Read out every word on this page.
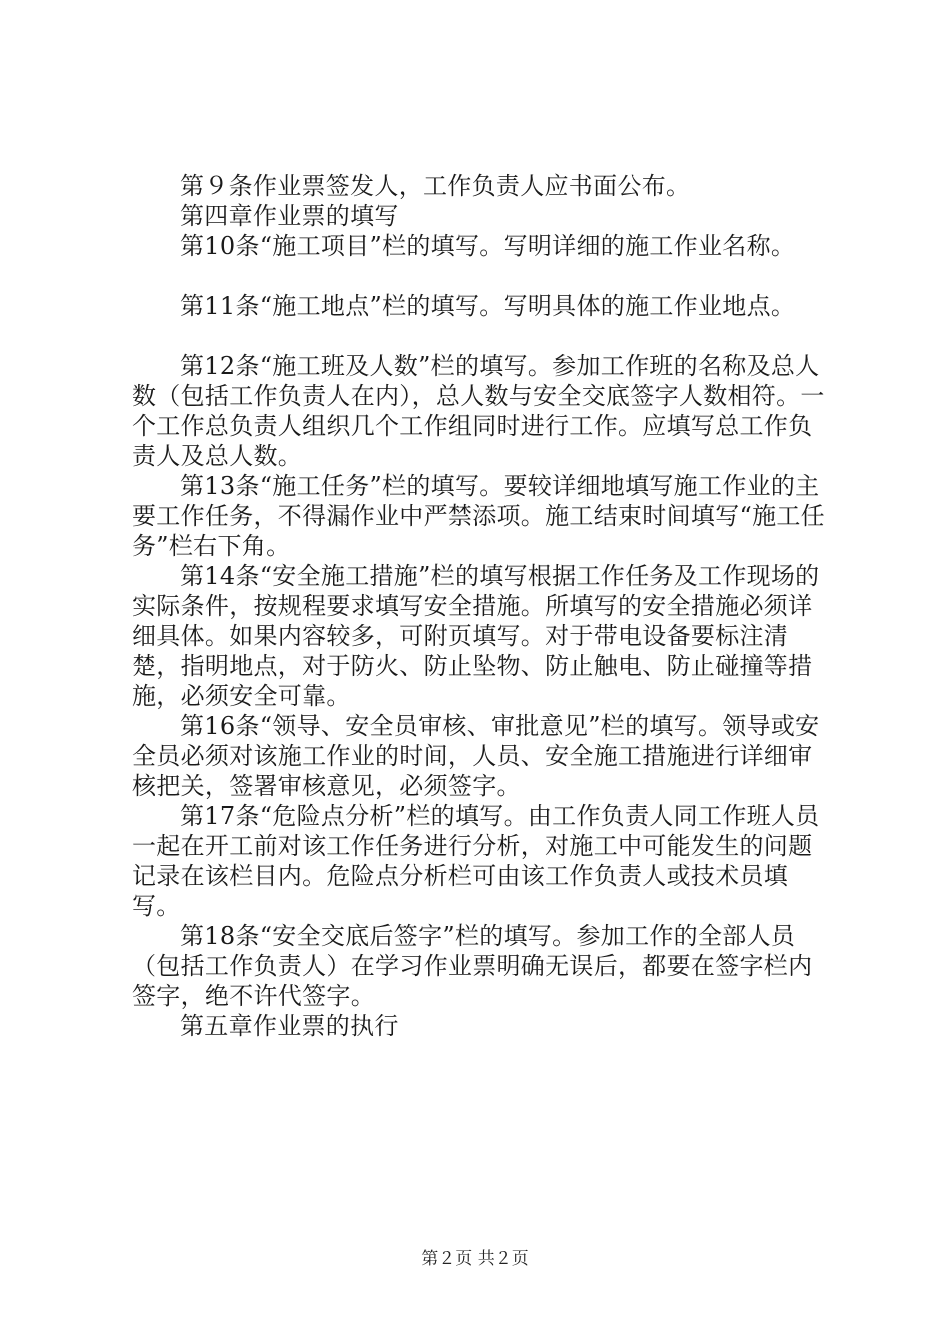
第９条作业票签发人，工作负责人应书面公布。

第四章作业票的填写

第10条“施工项目”栏的填写。写明详细的施工作业名称。

第11条“施工地点”栏的填写。写明具体的施工作业地点。

第12条“施工班及人数”栏的填写。参加工作班的名称及总人数（包括工作负责人在内），总人数与安全交底签字人数相符。一个工作总负责人组织几个工作组同时进行工作。应填写总工作负责人及总人数。

第13条“施工任务”栏的填写。要较详细地填写施工作业的主要工作任务，不得漏作业中严禁添项。施工结束时间填写“施工任务”栏右下角。

第14条“安全施工措施”栏的填写根据工作任务及工作现场的实际条件，按规程要求填写安全措施。所填写的安全措施必须详细具体。如果内容较多，可附页填写。对于带电设备要标注清楚，指明地点，对于防火、防止坠物、防止触电、防止碰撞等措施，必须安全可靠。

第16条“领导、安全员审核、审批意见”栏的填写。领导或安全员必须对该施工作业的时间，人员、安全施工措施进行详细审核把关，签署审核意见，必须签字。

第17条“危险点分析”栏的填写。由工作负责人同工作班人员一起在开工前对该工作任务进行分析，对施工中可能发生的问题记录在该栏目内。危险点分析栏可由该工作负责人或技术员填写。

第18条“安全交底后签字”栏的填写。参加工作的全部人员（包括工作负责人）在学习作业票明确无误后，都要在签字栏内签字，绝不许代签字。

第五章作业票的执行

第２页 共２页
